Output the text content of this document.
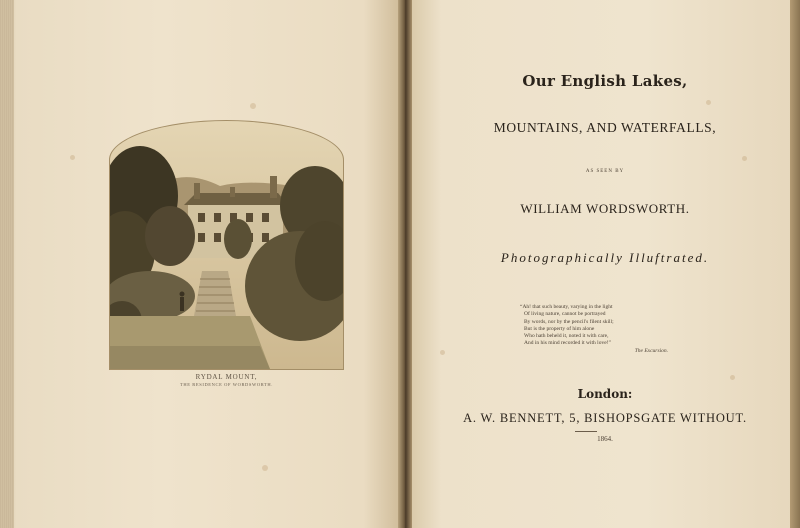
RYDAL MOUNT,
THE RESIDENCE OF WORDSWORTH.
Our English Lakes,
MOUNTAINS, AND WATERFALLS,
AS SEEN BY
WILLIAM WORDSWORTH.
Photographically Illuftrated.
“Ah! that such beauty, varying in the light
Of living nature, cannot be portrayed
By words, nor by the pencil's filent skill;
But is the property of him alone
Who hath beheld it, noted it with care,
And in his mind recorded it with love!”
The Excursion.
London:
A. W. BENNETT, 5, BISHOPSGATE WITHOUT.
1864.
